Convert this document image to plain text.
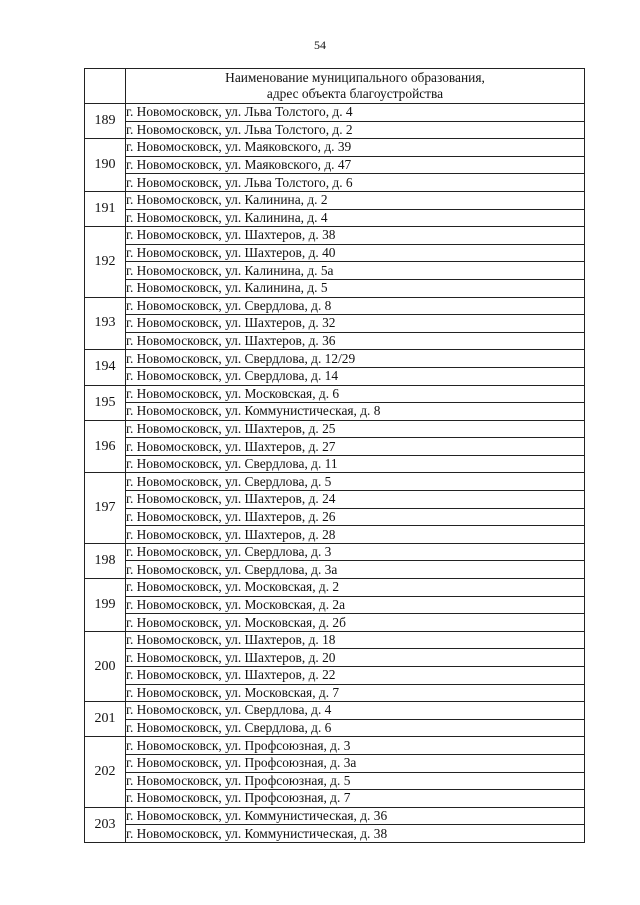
54

	Наименование муниципального образования,
адрес объекта благоустройства

189	г. Новомосковск, ул. Льва Толстого, д. 4
	г. Новомосковск, ул. Льва Толстого, д. 2
190	г. Новомосковск, ул. Маяковского, д. 39
	г. Новомосковск, ул. Маяковского, д. 47
	г. Новомосковск, ул. Льва Толстого, д. 6
191	г. Новомосковск, ул. Калинина, д. 2
	г. Новомосковск, ул. Калинина, д. 4
192	г. Новомосковск, ул. Шахтеров, д. 38
	г. Новомосковск, ул. Шахтеров, д. 40
	г. Новомосковск, ул. Калинина, д. 5а
	г. Новомосковск, ул. Калинина, д. 5
193	г. Новомосковск, ул. Свердлова, д. 8
	г. Новомосковск, ул. Шахтеров, д. 32
	г. Новомосковск, ул. Шахтеров, д. 36
194	г. Новомосковск, ул. Свердлова, д. 12/29
	г. Новомосковск, ул. Свердлова, д. 14
195	г. Новомосковск, ул. Московская, д. 6
	г. Новомосковск, ул. Коммунистическая, д. 8
196	г. Новомосковск, ул. Шахтеров, д. 25
	г. Новомосковск, ул. Шахтеров, д. 27
	г. Новомосковск, ул. Свердлова, д. 11
197	г. Новомосковск, ул. Свердлова, д. 5
	г. Новомосковск, ул. Шахтеров, д. 24
	г. Новомосковск, ул. Шахтеров, д. 26
	г. Новомосковск, ул. Шахтеров, д. 28
198	г. Новомосковск, ул. Свердлова, д. 3
	г. Новомосковск, ул. Свердлова, д. 3а
199	г. Новомосковск, ул. Московская, д. 2
	г. Новомосковск, ул. Московская, д. 2а
	г. Новомосковск, ул. Московская, д. 2б
200	г. Новомосковск, ул. Шахтеров, д. 18
	г. Новомосковск, ул. Шахтеров, д. 20
	г. Новомосковск, ул. Шахтеров, д. 22
	г. Новомосковск, ул. Московская, д. 7
201	г. Новомосковск, ул. Свердлова, д. 4
	г. Новомосковск, ул. Свердлова, д. 6
202	г. Новомосковск, ул. Профсоюзная, д. 3
	г. Новомосковск, ул. Профсоюзная, д. 3а
	г. Новомосковск, ул. Профсоюзная, д. 5
	г. Новомосковск, ул. Профсоюзная, д. 7
203	г. Новомосковск, ул. Коммунистическая, д. 36
	г. Новомосковск, ул. Коммунистическая, д. 38
